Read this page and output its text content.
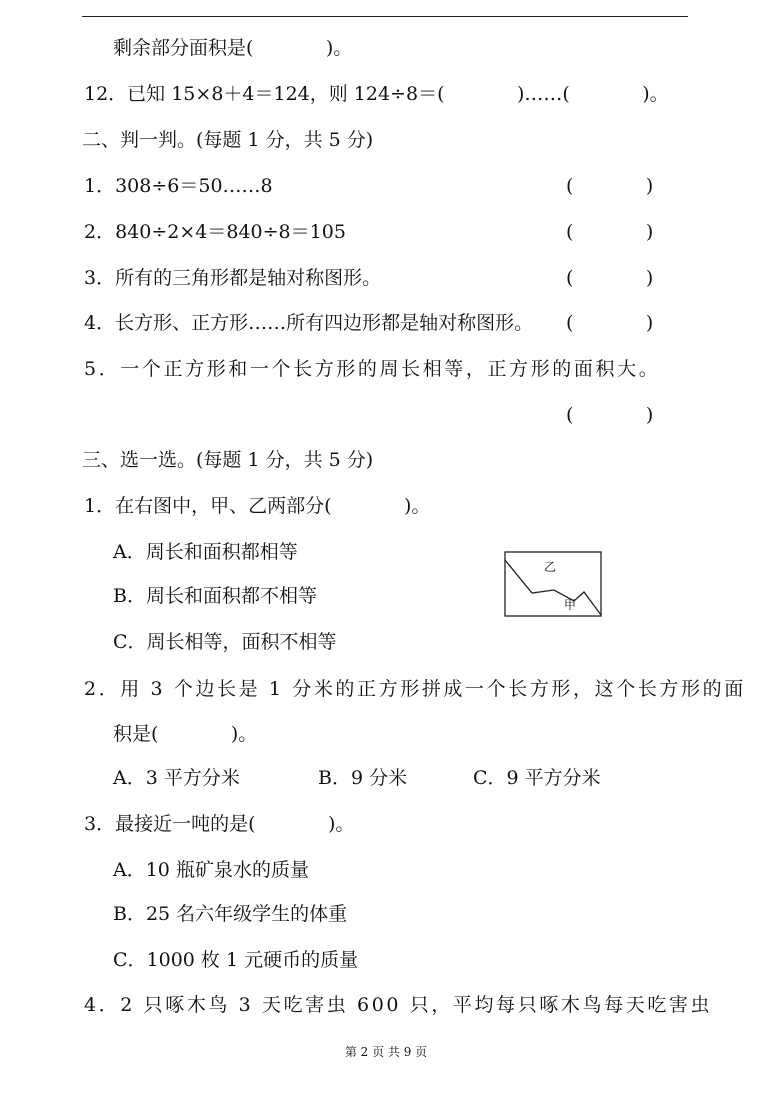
剩余部分面积是(            )。
12．已知 15×8＋4＝124，则 124÷8＝(            )……(            )。
二、判一判。(每题 1 分，共 5 分)
1．308÷6＝50……8	(            )
2．840÷2×4＝840÷8＝105	(            )
3．所有的三角形都是轴对称图形。	(            )
4．长方形、正方形……所有四边形都是轴对称图形。 (            )
5．一个正方形和一个长方形的周长相等，正方形的面积大。
(            )
三、选一选。(每题 1 分，共 5 分)
1．在右图中，甲、乙两部分(            )。
A．周长和面积都相等
B．周长和面积都不相等
C．周长相等，面积不相等
乙
甲
2．用 3 个边长是 1 分米的正方形拼成一个长方形，这个长方形的面
积是(            )。
A．3 平方分米	B．9 分米	C．9 平方分米
3．最接近一吨的是(            )。
A．10 瓶矿泉水的质量
B．25 名六年级学生的体重
C．1000 枚 1 元硬币的质量
4．2 只啄木鸟 3 天吃害虫 600 只，平均每只啄木鸟每天吃害虫
第 2 页 共 9 页
